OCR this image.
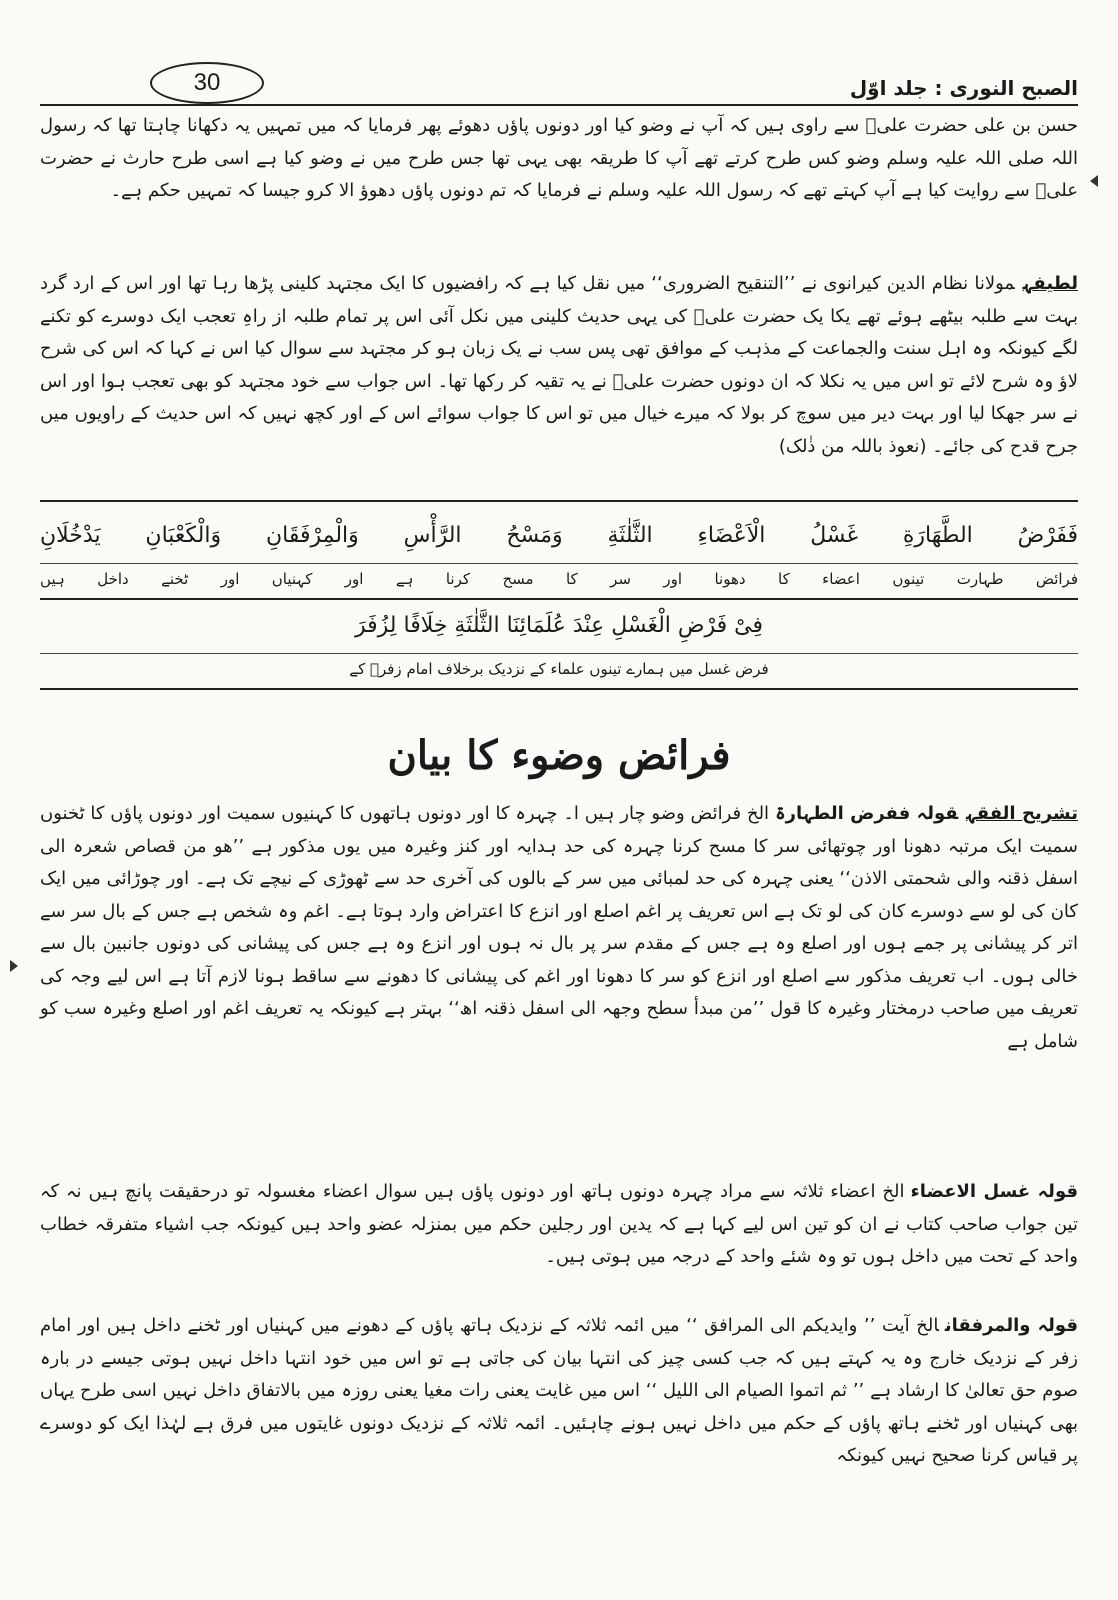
الصبح النوری : جلد اوّل
30

حسن بن علی حضرت علیؓ سے راوی ہیں کہ آپ نے وضو کیا اور دونوں پاؤں دھوئے پھر فرمایا کہ میں تمہیں یہ دکھانا چاہتا تھا کہ رسول اللہ صلی اللہ علیہ وسلم وضو کس طرح کرتے تھے آپ کا طریقہ بھی یہی تھا جس طرح میں نے وضو کیا ہے اسی طرح حارث نے حضرت علیؓ سے روایت کیا ہے آپ کہتے تھے کہ رسول اللہ علیہ وسلم نے فرمایا کہ تم دونوں پاؤں دھوؤ الا کرو جیسا کہ تمہیں حکم ہے۔

لطیفہمولانا نظام الدین کیرانوی نے ’’التنقیح الضروری‘‘ میں نقل کیا ہے کہ رافضیوں کا ایک مجتہد کلینی پڑھا رہا تھا اور اس کے ارد گرد بہت سے طلبہ بیٹھے ہوئے تھے یکا یک حضرت علیؓ کی یہی حدیث کلینی میں نکل آئی اس پر تمام طلبہ از راہِ تعجب ایک دوسرے کو تکنے لگے کیونکہ وہ اہل سنت والجماعت کے مذہب کے موافق تھی پس سب نے یک زبان ہو کر مجتہد سے سوال کیا اس نے کہا کہ اس کی شرح لاؤ وہ شرح لائے تو اس میں یہ نکلا کہ ان دونوں حضرت علیؓ نے یہ تقیہ کر رکھا تھا۔ اس جواب سے خود مجتہد کو بھی تعجب ہوا اور اس نے سر جھکا لیا اور بہت دیر میں سوچ کر بولا کہ میرے خیال میں تو اس کا جواب سوائے اس کے اور کچھ نہیں کہ اس حدیث کے راویوں میں جرح قدح کی جائے۔ (نعوذ باللہ من ذٰلک)

فَفَرْضُ
الطَّهَارَةِ
غَسْلُ
الْاَعْضَاءِ
الثَّلٰثَةِ
وَمَسْحُ
الرَّأْسِ
وَالْمِرْفَقَانِ
وَالْكَعْبَانِ
يَدْخُلَانِ
فرائض
طہارت
تینوں
اعضاء
کا
دھونا
اور
سر
کا
مسح
کرنا
ہے
اور
کہنیاں
اور
ٹخنے
داخل
ہیں
فِیْ فَرْضِ الْغَسْلِ عِنْدَ عُلَمَائِنَا الثَّلٰثَةِ خِلَافًا لِزُفَرَ
فرض غسل میں ہمارے تینوں علماء کے نزدیک برخلاف امام زفرؒ کے
فرائض وضوء کا بیان

تشریح الفقہقولہ ففرض الطہارۃالخ فرائض وضو چار ہیں ا۔ چہرہ کا اور دونوں ہاتھوں کا کہنیوں سمیت اور دونوں پاؤں کا ٹخنوں سمیت ایک مرتبہ دھونا اور چوتھائی سر کا مسح کرنا چہرہ کی حد ہدایہ اور کنز وغیرہ میں یوں مذکور ہے ’’ھو من قصاص شعرہ الی اسفل ذقنہ والی شحمتی الاذن‘‘ یعنی چہرہ کی حد لمبائی میں سر کے بالوں کی آخری حد سے ٹھوڑی کے نیچے تک ہے۔ اور چوڑائی میں ایک کان کی لو سے دوسرے کان کی لو تک ہے اس تعریف پر اغم اصلع اور انزع کا اعتراض وارد ہوتا ہے۔ اغم وہ شخص ہے جس کے بال سر سے اتر کر پیشانی پر جمے ہوں اور اصلع وہ ہے جس کے مقدم سر پر بال نہ ہوں اور انزع وہ ہے جس کی پیشانی کی دونوں جانبین بال سے خالی ہوں۔ اب تعریف مذکور سے اصلع اور انزع کو سر کا دھونا اور اغم کی پیشانی کا دھونے سے ساقط ہونا لازم آتا ہے اس لیے وجہ کی تعریف میں صاحب درمختار وغیرہ کا قول ’’من مبدأ سطح وجھہ الی اسفل ذقنہ اھ‘‘ بہتر ہے کیونکہ یہ تعریف اغم اور اصلع وغیرہ سب کو شامل ہے

قولہ غسل الاعضاءالخ اعضاء ثلاثہ سے مراد چہرہ دونوں ہاتھ اور دونوں پاؤں ہیں سوال اعضاء مغسولہ تو درحقیقت پانچ ہیں نہ کہ تین جواب صاحب کتاب نے ان کو تین اس لیے کہا ہے کہ یدین اور رجلین حکم میں بمنزلہ عضو واحد ہیں کیونکہ جب اشیاء متفرقہ خطاب واحد کے تحت میں داخل ہوں تو وہ شئے واحد کے درجہ میں ہوتی ہیں۔

قولہ والمرفقانالخ آیت ’’ وایدیکم الی المرافق ‘‘ میں ائمہ ثلاثہ کے نزدیک ہاتھ پاؤں کے دھونے میں کہنیاں اور ٹخنے داخل ہیں اور امام زفر کے نزدیک خارج وہ یہ کہتے ہیں کہ جب کسی چیز کی انتہا بیان کی جاتی ہے تو اس میں خود انتہا داخل نہیں ہوتی جیسے در بارہ صوم حق تعالیٰ کا ارشاد ہے ’’ ثم اتموا الصیام الی اللیل ‘‘ اس میں غایت یعنی رات مغیا یعنی روزہ میں بالاتفاق داخل نہیں اسی طرح یہاں بھی کہنیاں اور ٹخنے ہاتھ پاؤں کے حکم میں داخل نہیں ہونے چاہئیں۔ ائمہ ثلاثہ کے نزدیک دونوں غایتوں میں فرق ہے لہٰذا ایک کو دوسرے پر قیاس کرنا صحیح نہیں کیونکہ
